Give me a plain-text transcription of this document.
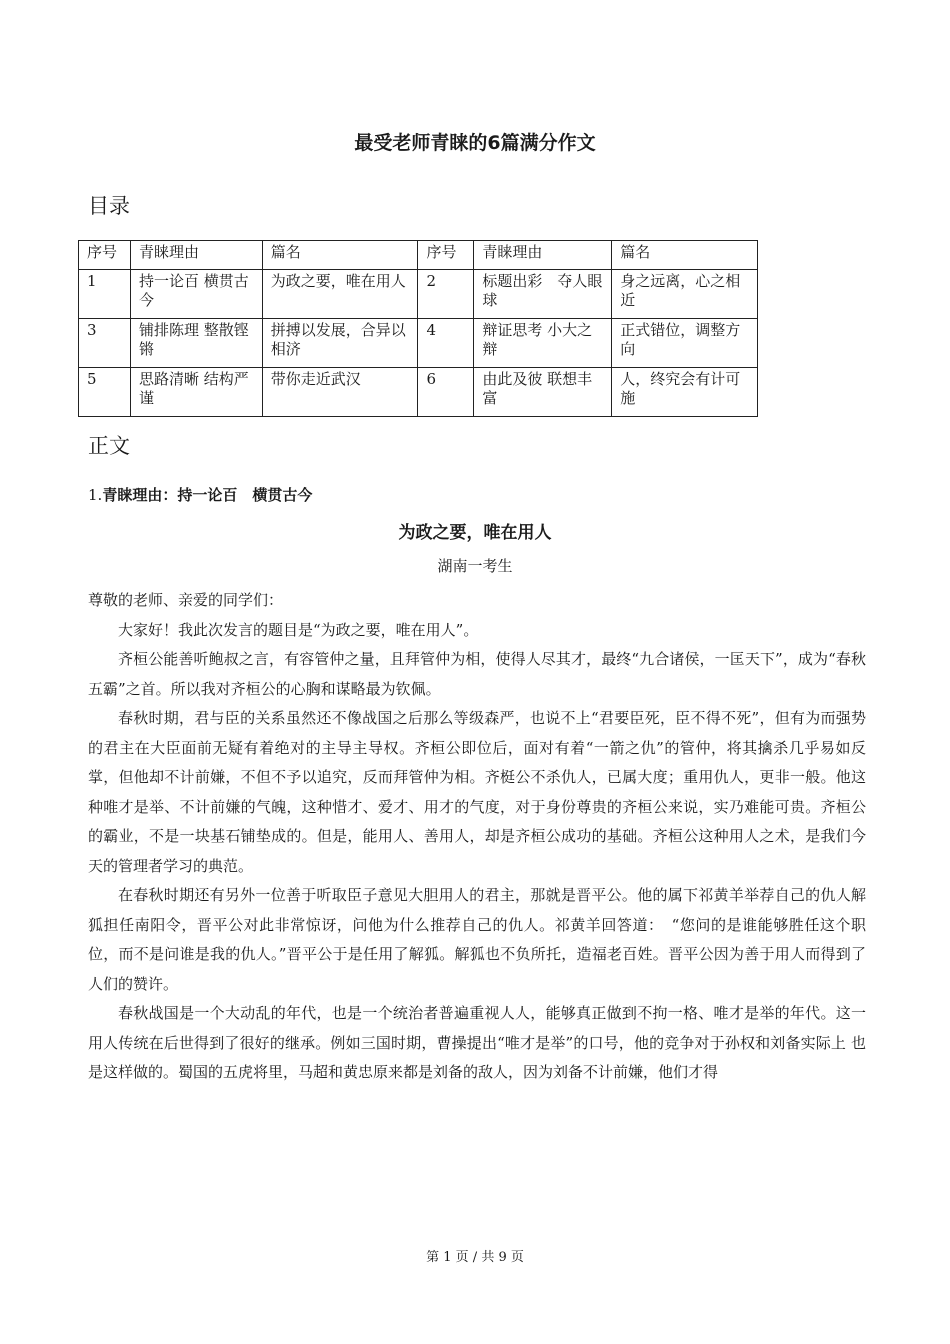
最受老师青睐的6篇满分作文
目录
序号	青睐理由	篇名	序号	青睐理由	篇名
1	持一论百 横贯古今	为政之要，唯在用人	2	标题出彩　夺人眼球	身之远离，心之相近
3	铺排陈理 整散铿锵	拼搏以发展，合异以相济	4	辩证思考 小大之辩	正式错位，调整方向
5	思路清晰 结构严谨	带你走近武汉	6	由此及彼 联想丰富	人，终究会有计可施
正文
1.青睐理由：持一论百　横贯古今
为政之要，唯在用人
湖南一考生

尊敬的老师、亲爱的同学们：

大家好！我此次发言的题目是“为政之要，唯在用人”。

齐桓公能善听鲍叔之言，有容管仲之量，且拜管仲为相，使得人尽其才，最终“九合诸侯，一匡天下”，成为“春秋五霸”之首。所以我对齐桓公的心胸和谋略最为钦佩。

春秋时期，君与臣的关系虽然还不像战国之后那么等级森严，也说不上“君要臣死，臣不得不死”，但有为而强势的君主在大臣面前无疑有着绝对的主导主导权。齐桓公即位后，面对有着“一箭之仇”的管仲，将其擒杀几乎易如反掌，但他却不计前嫌，不但不予以追究，反而拜管仲为相。齐梃公不杀仇人，已属大度；重用仇人，更非一般。他这种唯才是举、不计前嫌的气魄，这种惜才、爱才、用才的气度，对于身份尊贵的齐桓公来说，实乃难能可贵。齐桓公的霸业，不是一块基石铺垫成的。但是，能用人、善用人，却是齐桓公成功的基础。齐桓公这种用人之术，是我们今天的管理者学习的典范。

在春秋时期还有另外一位善于听取臣子意见大胆用人的君主，那就是晋平公。他的属下祁黄羊举荐自己的仇人解狐担任南阳令，晋平公对此非常惊讶，问他为什么推荐自己的仇人。祁黄羊回答道：　“您问的是谁能够胜任这个职位，而不是问谁是我的仇人。”晋平公于是任用了解狐。解狐也不负所托，造福老百姓。晋平公因为善于用人而得到了人们的赞许。

春秋战国是一个大动乱的年代，也是一个统治者普遍重视人人，能够真正做到不拘一格、唯才是举的年代。这一用人传统在后世得到了很好的继承。例如三国时期，曹操提出“唯才是举”的口号，他的竞争对于孙权和刘备实际上 也是这样做的。蜀国的五虎将里，马超和黄忠原来都是刘备的敌人，因为刘备不计前嫌，他们才得

第 1 页 / 共 9 页
